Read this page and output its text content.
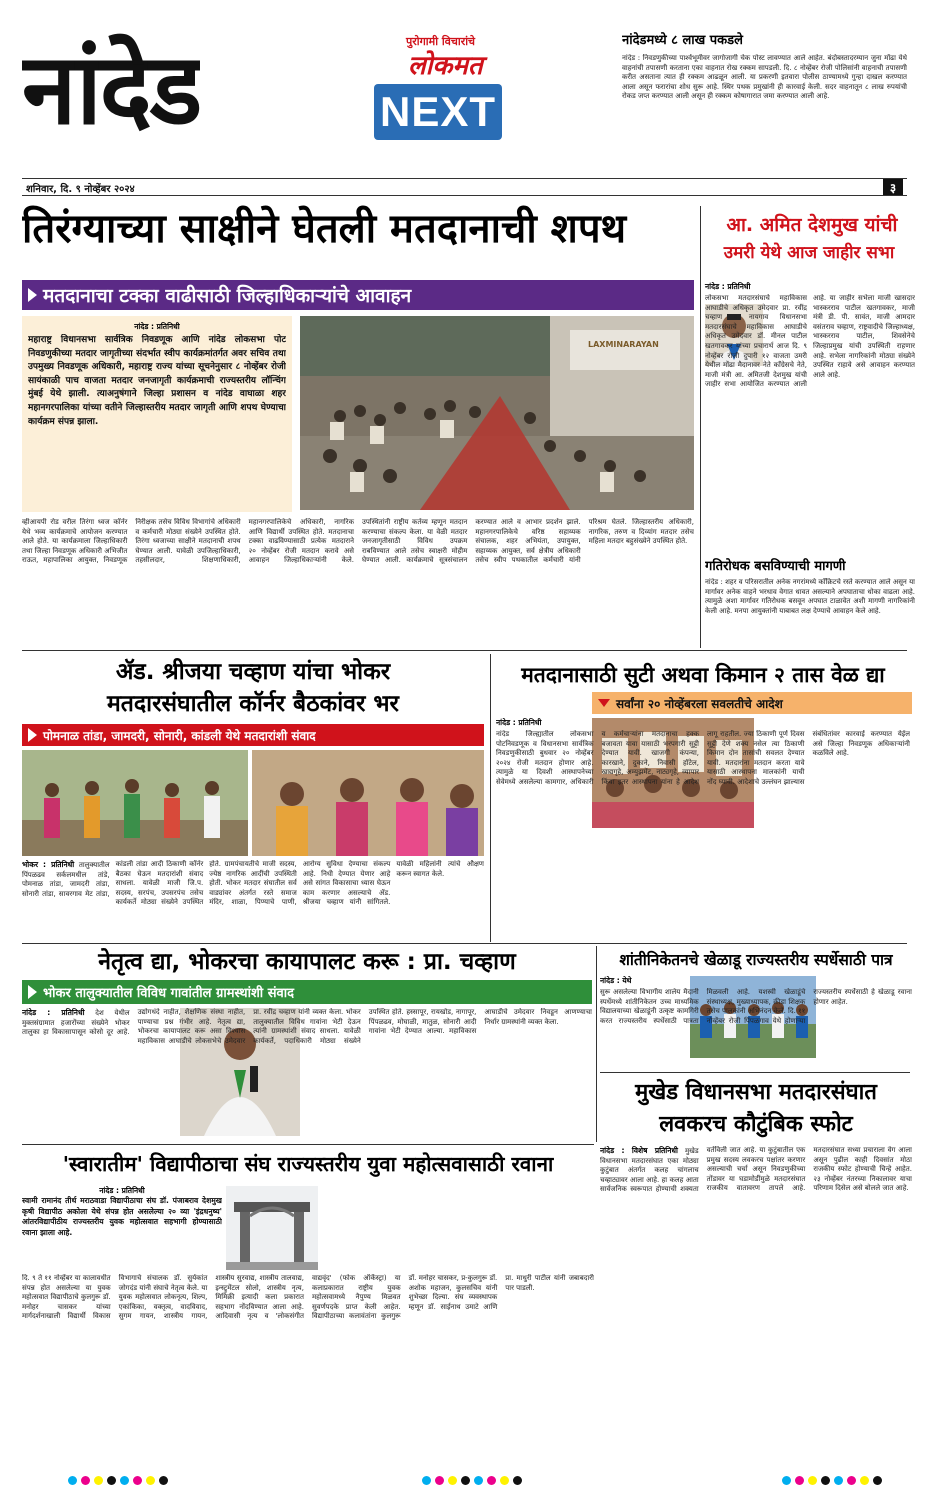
नांदेड	पुरोगामी विचारांचे
लोकमत
NEXT
शनिवार, दि. ९ नोव्हेंबर २०२४	३
नांदेडमध्ये ८ लाख पकडले
नांदेड : निवडणुकीच्या पार्श्वभूमीवर जागोजागी चेक पोस्ट लावण्यात आले आहेत. बंदोबस्तादरम्यान जुना मोंढा येथे वाहनांची तपासणी करताना एका वाहनात रोख रक्कम सापडली. दि. ८ नोव्हेंबर रोजी पोलिसांनी वाहनाची तपासणी करीत असताना त्यात ही रक्कम आढळून आली. या प्रकरणी इतवारा पोलीस ठाण्यामध्ये गुन्हा दाखल करण्यात आला असून फरारांचा शोध सुरू आहे. स्थिर पथक प्रमुखांनी ही कारवाई केली. सदर वाहनातून ८ लाख रुपयांची रोकड जप्त करण्यात आली असून ही रक्कम कोषागारात जमा करण्यात आली आहे.
तिरंग्याच्या साक्षीने घेतली मतदानाची शपथ
मतदानाचा टक्का वाढीसाठी जिल्हाधिकाऱ्यांचे आवाहन
नांदेड : प्रतिनिधी
महाराष्ट्र विधानसभा सार्वत्रिक निवडणूक आणि नांदेड लोकसभा पोट निवडणुकीच्या मतदार जागृतीच्या संदर्भात स्वीप कार्यक्रमांतर्गत अवर सचिव तथा उपमुख्य निवडणूक अधिकारी, महाराष्ट्र राज्य यांच्या सूचनेनुसार ८ नोव्हेंबर रोजी सायंकाळी पाच वाजता मतदार जनजागृती कार्यक्रमाची राज्यस्तरीय लॉन्चिंग मुंबई येथे झाली. त्याअनुषंगाने जिल्हा प्रशासन व नांदेड वाघाळा शहर महानगरपालिका यांच्या वतीने जिल्हास्तरीय मतदार जागृती आणि शपथ घेण्याचा कार्यक्रम संपन्न झाला.
LAXMINARAYAN
व्हीआयपी रोड वरील तिरंगा ध्वज कॉर्नर येथे भव्य कार्यक्रमाचे आयोजन करण्यात आले होते. या कार्यक्रमाला जिल्हाधिकारी तथा जिल्हा निवडणूक अधिकारी अभिजीत राऊत, महापालिका आयुक्त, निवडणूक निरीक्षक तसेच विविध विभागांचे अधिकारी व कर्मचारी मोठ्या संख्येने उपस्थित होते. तिरंगा ध्वजाच्या साक्षीने मतदानाची शपथ घेण्यात आली. यावेळी उपजिल्हाधिकारी, तहसीलदार, शिक्षणाधिकारी, महानगरपालिकेचे अधिकारी, नागरिक आणि विद्यार्थी उपस्थित होते. मतदानाचा टक्का वाढविण्यासाठी प्रत्येक मतदाराने २० नोव्हेंबर रोजी मतदान करावे असे आवाहन जिल्हाधिकाऱ्यांनी केले. उपस्थितांनी राष्ट्रीय कर्तव्य म्हणून मतदान करण्याचा संकल्प केला. या वेळी मतदार जनजागृतीसाठी विविध उपक्रम राबविण्यात आले तसेच स्वाक्षरी मोहीम घेण्यात आली. कार्यक्रमाचे सूत्रसंचालन करण्यात आले व आभार प्रदर्शन झाले. महानगरपालिकेचे वरिष्ठ सहाय्यक संचालक, शहर अभियंता, उपायुक्त, सहाय्यक आयुक्त, सर्व क्षेत्रीय अधिकारी तसेच स्वीप पथकातील कर्मचारी यांनी परिश्रम घेतले. जिल्हास्तरीय अधिकारी, नागरिक, तरुण व दिव्यांग मतदार तसेच महिला मतदार बहुसंख्येने उपस्थित होते.
आ. अमित देशमुख यांची
उमरी येथे आज जाहीर सभा
नांदेड : प्रतिनिधी
लोकसभा मतदारसंघाचे महाविकास आघाडीचे अधिकृत उमेदवार प्रा. रवींद्र चव्हाण व नायगाव विधानसभा मतदारसंघाचे महाविकास आघाडीचे अधिकृत उमेदवार डॉ. मीनल पाटील खतगावकर यांच्या प्रचारार्थ आज दि. ९ नोव्हेंबर रोजी दुपारी १२ वाजता उमरी येथील मोंढा मैदानावर नेते काँग्रेसचे नेते, माजी मंत्री आ. अमितजी देशमुख यांची जाहीर सभा आयोजित करण्यात आली आहे. या जाहीर सभेला माजी खासदार भास्करराव पाटील खतगावकर, माजी मंत्री डी. पी. सावंत, माजी आमदार वसंतराव चव्हाण, राष्ट्रवादीचे जिल्हाध्यक्ष, भास्करराव पाटील, शिवसेनेचे जिल्हाप्रमुख यांची उपस्थिती राहणार आहे. सभेला नागरिकांनी मोठ्या संख्येने उपस्थित राहावे असे आवाहन करण्यात आले आहे.
गतिरोधक बसविण्याची मागणी
नांदेड : शहर व परिसरातील अनेक नगरांमध्ये काँक्रिटचे रस्ते करण्यात आले असून या मार्गावर अनेक वाहने भरधाव वेगात धावत असल्याने अपघाताचा धोका वाढला आहे. त्यामुळे अशा मार्गावर गतिरोधक बसवून अपघात टाळावेत अशी मागणी नागरिकांनी केली आहे. मनपा आयुक्तांनी याबाबत लक्ष देण्याचे आवाहन केले आहे.
ॲड. श्रीजया चव्हाण यांचा भोकर
मतदारसंघातील कॉर्नर बैठकांवर भर
पोमनाळ तांडा, जामदरी, सोनारी, कांडली येथे मतदारांशी संवाद
भोकर : प्रतिनिधी तालुक्यातील पिंपळढव सर्कलमधील तांडे, पोमनाळ तांडा, जामदरी तांडा, सोनारी तांडा, सावरगाव मेट तांडा, कांडली तांडा आदी ठिकाणी कॉर्नर बैठका घेऊन मतदारांशी संवाद साधला. यावेळी माजी जि.प. सदस्य, सरपंच, उपसरपंच तसेच कार्यकर्ते मोठ्या संख्येने उपस्थित होते. ग्रामपंचायतीचे माजी सदस्य, ज्येष्ठ नागरिक आदींची उपस्थिती होती. भोकर मतदार संघातील सर्व वाड्यांवर अंतर्गत रस्ते समाज मंदिर, शाळा, पिण्याचे पाणी, आरोग्य सुविधा देण्याचा संकल्प आहे. निधी देण्यात येणार आहे असे सांगत विकासाचा ध्यास घेऊन काम करणार असल्याचे ॲड. श्रीजया चव्हाण यांनी सांगितले. यावेळी महिलांनी त्यांचे औक्षण करून स्वागत केले.
मतदानासाठी सुटी अथवा किमान २ तास वेळ द्या
सर्वांना २० नोव्हेंबरला सवलतीचे आदेश
नांदेड : प्रतिनिधी
नांदेड जिल्ह्यातील लोकसभा पोटनिवडणूक व विधानसभा सार्वत्रिक निवडणुकीसाठी बुधवार २० नोव्हेंबर २०२४ रोजी मतदान होणार आहे. त्यामुळे या दिवशी आस्थापनेच्या सेवेमध्ये असलेल्या कामगार, अधिकारी व कर्मचाऱ्यांना मतदानाचा हक्क बजावता यावा यासाठी भरपगारी सुट्टी देण्यात यावी. खाजगी कंपन्या, कारखाने, दुकाने, निवासी हॉटेल, खाद्यगृहे, अम्युझमेंट, नाट्यगृहे, व्यापार किंवा इतर आस्थापना यांना हे आदेश लागू राहतील. ज्या ठिकाणी पूर्ण दिवस सुट्टी देणे शक्य नसेल त्या ठिकाणी किमान दोन तासांची सवलत देण्यात यावी. मतदारांना मतदान करता यावे यासाठी आस्थापना मालकांनी याची नोंद घ्यावी. आदेशाचे उल्लंघन झाल्यास संबंधितांवर कारवाई करण्यात येईल असे जिल्हा निवडणूक अधिकाऱ्यांनी कळविले आहे.
नेतृत्व द्या, भोकरचा कायापालट करू : प्रा. चव्हाण
भोकर तालुक्यातील विविध गावांतील ग्रामस्थांशी संवाद
नांदेड : प्रतिनिधी देश येथील मुक्तसंग्रामात हजारोंच्या संख्येने भोकर तालुका हा विकासापासून कोसो दूर आहे. उद्योगधंदे नाहीत, शैक्षणिक संस्था नाहीत, पाण्याचा प्रश्न गंभीर आहे. नेतृत्व द्या, भोकरचा कायापालट करू असा विश्वास महाविकास आघाडीचे लोकसभेचे उमेदवार प्रा. रवींद्र चव्हाण यांनी व्यक्त केला. भोकर तालुक्यातील विविध गावांना भेटी देऊन त्यांनी ग्रामस्थांशी संवाद साधला. यावेळी कार्यकर्ते, पदाधिकारी मोठ्या संख्येने उपस्थित होते. हस्सापूर, रायखोड, नागापूर, पिंपळढव, मोघाळी, मातुळ, सोनारी आदी गावांना भेटी देण्यात आल्या. महाविकास आघाडीचे उमेदवार निवडून आणण्याचा निर्धार ग्रामस्थांनी व्यक्त केला.
शांतीनिकेतनचे खेळाडू राज्यस्तरीय स्पर्धेसाठी पात्र
नांदेड : येथे
सुरू असलेल्या विभागीय शालेय मैदानी स्पर्धेमध्ये शांतीनिकेतन उच्च माध्यमिक विद्यालयाच्या खेळाडूंनी उत्कृष्ट कामगिरी करत राज्यस्तरीय स्पर्धेसाठी पात्रता मिळवली आहे. यशस्वी खेळाडूंचे संस्थाध्यक्ष, मुख्याध्यापक, क्रीडा शिक्षक तसेच पालकांनी अभिनंदन केले. दि. ११ नोव्हेंबर रोजी पिंपळगाव येथे होणाऱ्या राज्यस्तरीय स्पर्धेसाठी हे खेळाडू रवाना होणार आहेत.
मुखेड विधानसभा मतदारसंघात
लवकरच कौटुंबिक स्फोट
नांदेड : विशेष प्रतिनिधी मुखेड विधानसभा मतदारसंघात एका मोठ्या कुटुंबात अंतर्गत कलह चांगलाच चव्हाट्यावर आला आहे. हा कलह आता सार्वजनिक स्वरूपात होण्याची शक्यता वर्तविली जात आहे. या कुटुंबातील एक प्रमुख सदस्य लवकरच पक्षांतर करणार असल्याची चर्चा असून निवडणुकीच्या तोंडावर या घडामोडींमुळे मतदारसंघात राजकीय वातावरण तापले आहे. मतदारसंघात सध्या प्रचाराला वेग आला असून पुढील काही दिवसांत मोठा राजकीय स्फोट होण्याची चिन्हे आहेत. २३ नोव्हेंबर नंतरच्या निकालावर याचा परिणाम दिसेल असे बोलले जात आहे.
'स्वारातीम' विद्यापीठाचा संघ राज्यस्तरीय युवा महोत्सवासाठी रवाना
नांदेड : प्रतिनिधी
स्वामी रामानंद तीर्थ मराठवाडा विद्यापीठाचा संघ डॉ. पंजाबराव देशमुख कृषी विद्यापीठ अकोला येथे संपन्न होत असलेल्या २० व्या 'इंद्रधनुष्य' आंतरविद्यापीठीय राज्यस्तरीय युवक महोत्सवात सहभागी होण्यासाठी रवाना झाला आहे.
दि. ९ ते ११ नोव्हेंबर या कालावधीत संपन्न होत असलेल्या या युवक महोत्सवात विद्यापीठाचे कुलगुरू डॉ. मनोहर चासकर यांच्या मार्गदर्शनाखाली विद्यार्थी विकास विभागाचे संचालक डॉ. सुर्यकांत जोगदंड यांनी संघाचे नेतृत्व केले. या युवक महोत्सवात लोकनृत्य, शिल्प, एकांकिका, वक्तृत्व, वादविवाद, सुगम गायन, शास्त्रीय गायन, शास्त्रीय सुरवाद्य, शास्त्रीय तालवाद्य, इन्स्ट्रुमेंटल सोलो, शास्त्रीय नृत्य, मिमिक्री इत्यादी कला प्रकारात सहभाग नोंदविण्यात आला आहे. आदिवासी नृत्य व 'लोकसंगीत वाद्यवृंद' (फोक ऑर्केस्ट्रा) या कलाप्रकारात राष्ट्रीय युवक महोत्सवामध्ये नैपुण्य मिळवत सुवर्णपदके प्राप्त केली आहेत. विद्यापीठाच्या कलावंतांना कुलगुरू डॉ. मनोहर चासकर, प्र-कुलगुरू डॉ. अशोक महाजन, कुलसचिव यांनी शुभेच्छा दिल्या. संघ व्यवस्थापक म्हणून डॉ. साईनाथ उमाटे आणि प्रा. माधुरी पाटील यांनी जबाबदारी पार पाडली.
